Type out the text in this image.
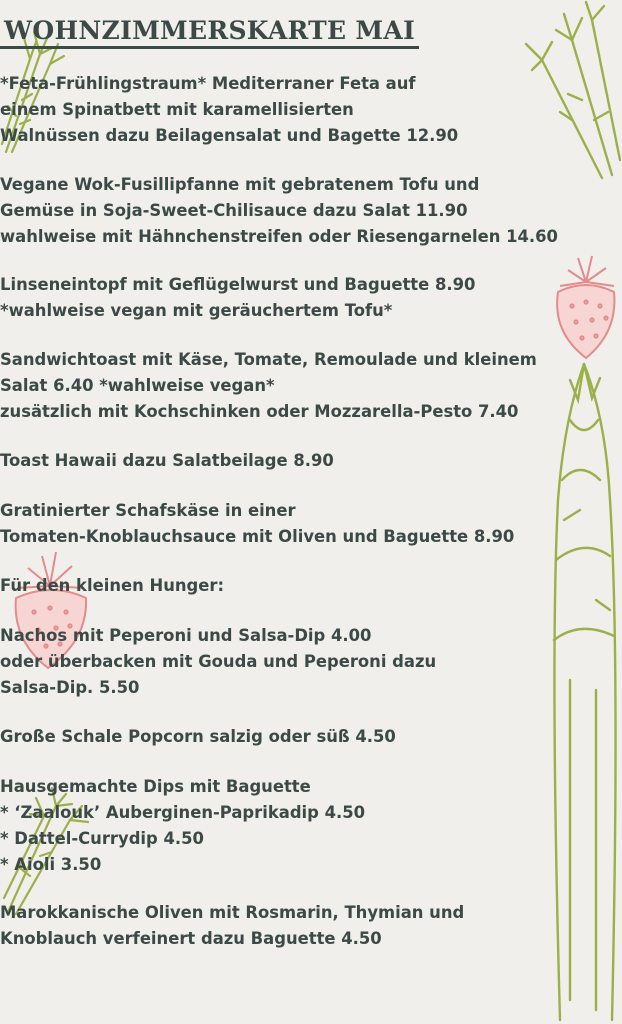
WOHNZIMMERSKARTE MAI
*Feta-Frühlingstraum* Mediterraner Feta auf
einem Spinatbett mit karamellisierten
Walnüssen dazu Beilagensalat und Bagette 12.90
Vegane Wok-Fusillipfanne mit gebratenem Tofu und
Gemüse in Soja-Sweet-Chilisauce dazu Salat 11.90
wahlweise mit Hähnchenstreifen oder Riesengarnelen 14.60
Linseneintopf mit Geflügelwurst und Baguette 8.90
*wahlweise vegan mit geräuchertem Tofu*
Sandwichtoast mit Käse, Tomate, Remoulade und kleinem
Salat 6.40 *wahlweise vegan*
zusätzlich mit Kochschinken oder Mozzarella-Pesto 7.40
Toast Hawaii dazu Salatbeilage 8.90
Gratinierter Schafskäse in einer
Tomaten-Knoblauchsauce mit Oliven und Baguette 8.90
Für den kleinen Hunger:
Nachos mit Peperoni und Salsa-Dip 4.00
oder überbacken mit Gouda und Peperoni dazu
Salsa-Dip. 5.50
Große Schale Popcorn salzig oder süß 4.50
Hausgemachte Dips mit Baguette
* ‘Zaalouk’ Auberginen-Paprikadip 4.50
* Dattel-Currydip 4.50
* Aioli 3.50
Marokkanische Oliven mit Rosmarin, Thymian und
Knoblauch verfeinert dazu Baguette 4.50
